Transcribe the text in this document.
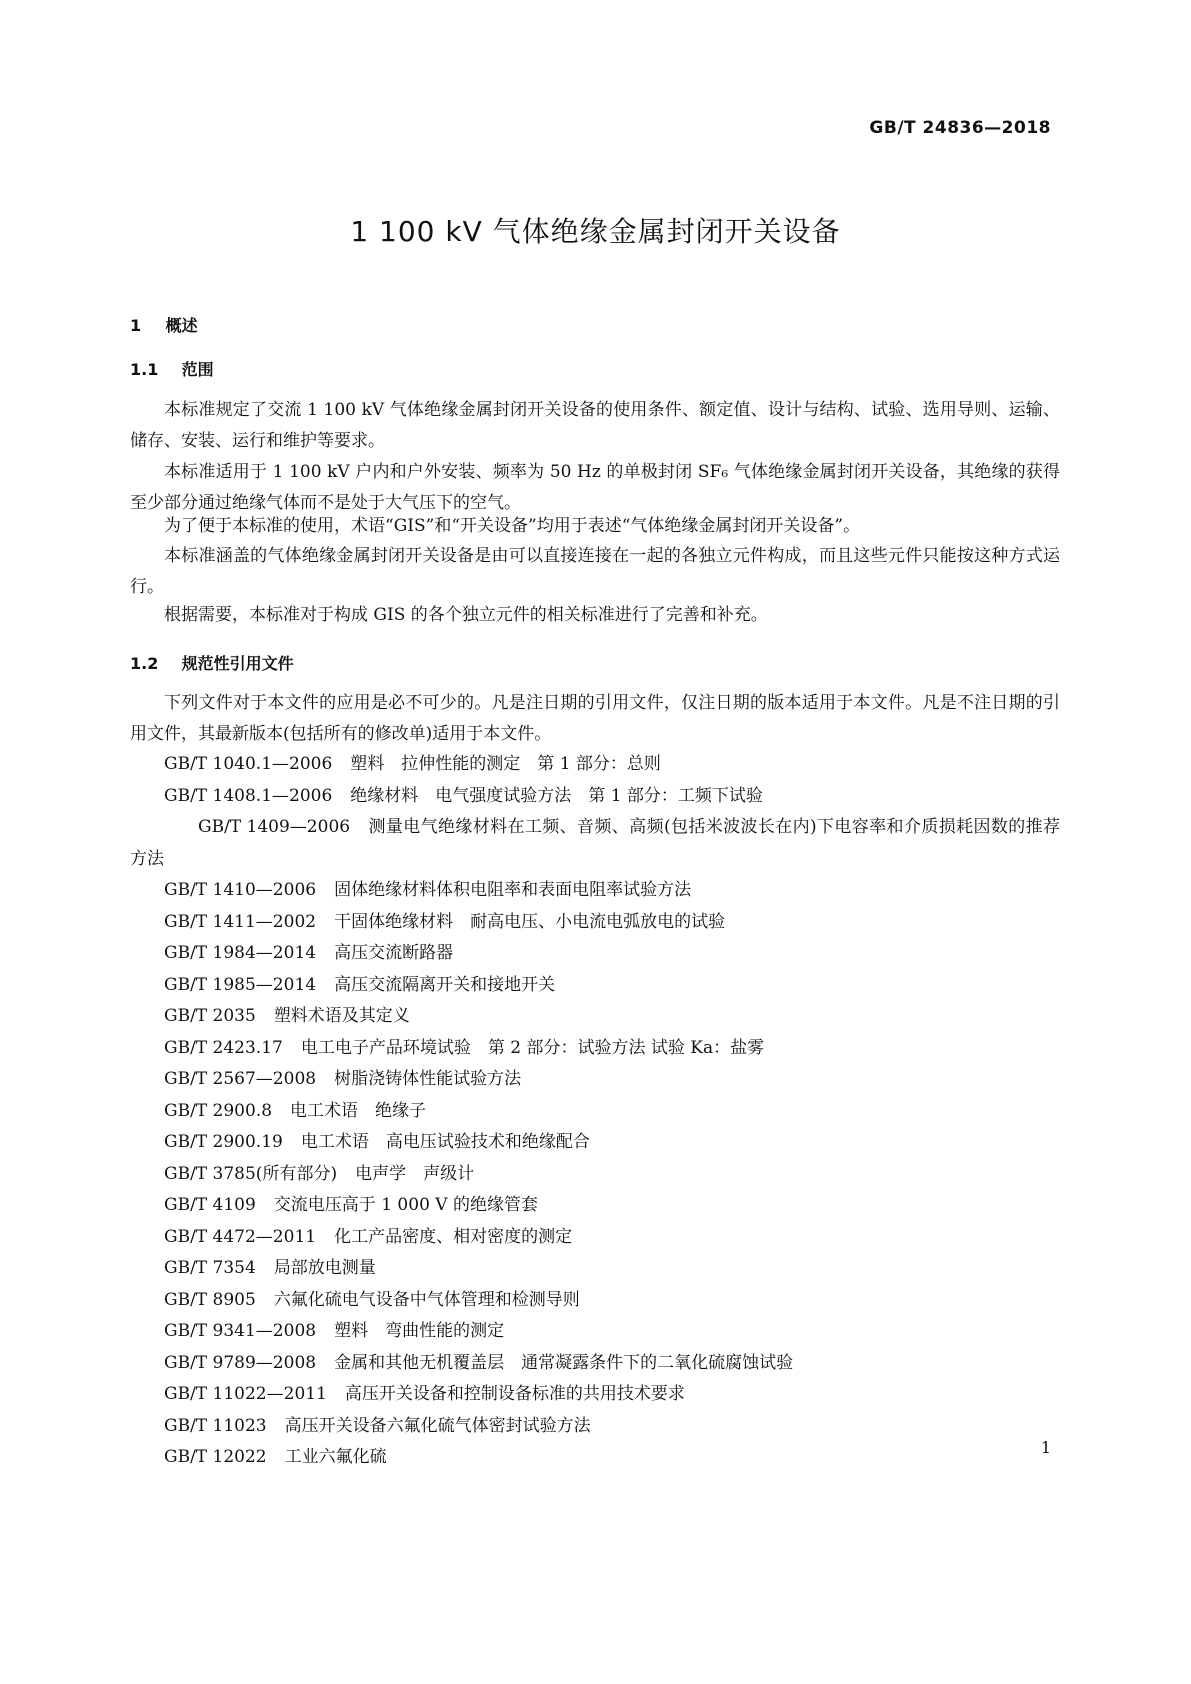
GB/T 24836—2018
1 100 kV 气体绝缘金属封闭开关设备
1 概述
1.1 范围

本标准规定了交流 1 100 kV 气体绝缘金属封闭开关设备的使用条件、额定值、设计与结构、试验、选用导则、运输、储存、安装、运行和维护等要求。

本标准适用于 1 100 kV 户内和户外安装、频率为 50 Hz 的单极封闭 SF₆ 气体绝缘金属封闭开关设备，其绝缘的获得至少部分通过绝缘气体而不是处于大气压下的空气。

为了便于本标准的使用，术语“GIS”和“开关设备”均用于表述“气体绝缘金属封闭开关设备”。

本标准涵盖的气体绝缘金属封闭开关设备是由可以直接连接在一起的各独立元件构成，而且这些元件只能按这种方式运行。

根据需要，本标准对于构成 GIS 的各个独立元件的相关标准进行了完善和补充。

1.2 规范性引用文件

下列文件对于本文件的应用是必不可少的。凡是注日期的引用文件，仅注日期的版本适用于本文件。凡是不注日期的引用文件，其最新版本(包括所有的修改单)适用于本文件。

GB/T 1040.1—2006 塑料　拉伸性能的测定　第 1 部分：总则
GB/T 1408.1—2006 绝缘材料　电气强度试验方法　第 1 部分：工频下试验
GB/T 1409—2006 测量电气绝缘材料在工频、音频、高频(包括米波波长在内)下电容率和介质损耗因数的推荐方法
GB/T 1410—2006 固体绝缘材料体积电阻率和表面电阻率试验方法
GB/T 1411—2002 干固体绝缘材料　耐高电压、小电流电弧放电的试验
GB/T 1984—2014 高压交流断路器
GB/T 1985—2014 高压交流隔离开关和接地开关
GB/T 2035 塑料术语及其定义
GB/T 2423.17 电工电子产品环境试验　第 2 部分：试验方法 试验 Ka：盐雾
GB/T 2567—2008 树脂浇铸体性能试验方法
GB/T 2900.8 电工术语　绝缘子
GB/T 2900.19 电工术语　高电压试验技术和绝缘配合
GB/T 3785(所有部分) 电声学　声级计
GB/T 4109 交流电压高于 1 000 V 的绝缘管套
GB/T 4472—2011 化工产品密度、相对密度的测定
GB/T 7354 局部放电测量
GB/T 8905 六氟化硫电气设备中气体管理和检测导则
GB/T 9341—2008 塑料　弯曲性能的测定
GB/T 9789—2008 金属和其他无机覆盖层　通常凝露条件下的二氧化硫腐蚀试验
GB/T 11022—2011 高压开关设备和控制设备标准的共用技术要求
GB/T 11023 高压开关设备六氟化硫气体密封试验方法
GB/T 12022 工业六氟化硫	1
